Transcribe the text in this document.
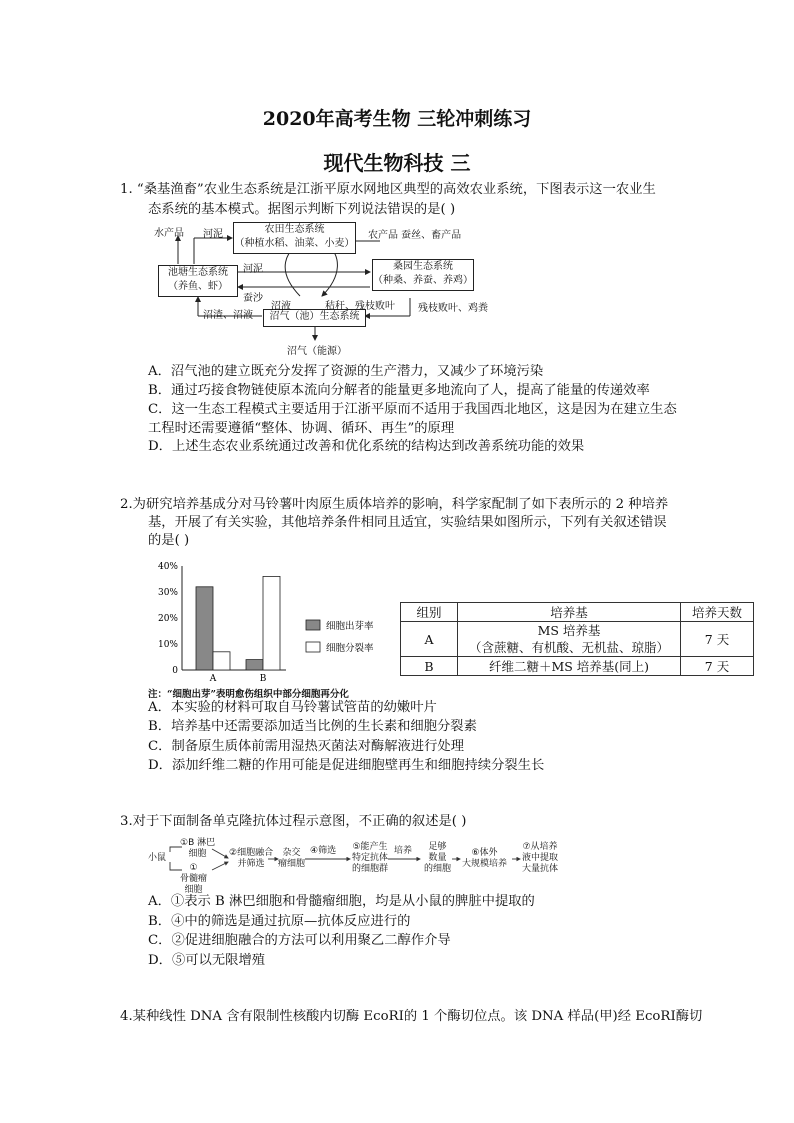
2020年高考生物 三轮冲刺练习
现代生物科技 三
1. “桑基渔畜”农业生态系统是江浙平原水网地区典型的高效农业系统，下图表示这一农业生
态系统的基本模式。据图示判断下列说法错误的是( )
农田生态系统
（种植水稻、油菜、小麦）
池塘生态系统
（养鱼、虾）
桑园生态系统
（种桑、养蚕、养鸡）
沼气（池）生态系统
水产品 河泥	农产品 蚕丝、畜产品
河泥
蚕沙
沼液	秸秆、残枝败叶 残枝败叶、鸡粪
沼渣、沼液
沼气（能源）
A．沼气池的建立既充分发挥了资源的生产潜力，又减少了环境污染
B．通过巧接食物链使原本流向分解者的能量更多地流向了人，提高了能量的传递效率
C．这一生态工程模式主要适用于江浙平原而不适用于我国西北地区，这是因为在建立生态
工程时还需要遵循“整体、协调、循环、再生”的原理
D．上述生态农业系统通过改善和优化系统的结构达到改善系统功能的效果
2.为研究培养基成分对马铃薯叶肉原生质体培养的影响，科学家配制了如下表所示的 2 种培养
基，开展了有关实验，其他培养条件相同且适宜，实验结果如图所示，下列有关叙述错误
的是( )
40%
30%
20%
10%
0
A	B
细胞出芽率
细胞分裂率
注：“细胞出芽”表明愈伤组织中部分细胞再分化
组别	培养基	培养天数
A	MS 培养基
（含蔗糖、有机酸、无机盐、琼脂）	7 天
B	纤维二糖＋MS 培养基(同上)	7 天
A．本实验的材料可取自马铃薯试管苗的幼嫩叶片
B．培养基中还需要添加适当比例的生长素和细胞分裂素
C．制备原生质体前需用湿热灭菌法对酶解液进行处理
D．添加纤维二糖的作用可能是促进细胞壁再生和细胞持续分裂生长
3.对于下面制备单克隆抗体过程示意图，不正确的叙述是( )
小鼠
①B 淋巴
细胞
①
骨髓瘤
细胞
②细胞融合
并筛选
杂交
瘤细胞
④筛选 ⑤能产生
特定抗体
的细胞群
培养	足够
数量
的细胞
⑥体外
大规模培养
⑦从培养
液中提取
大量抗体
A．①表示 B 淋巴细胞和骨髓瘤细胞，均是从小鼠的脾脏中提取的
B．④中的筛选是通过抗原—抗体反应进行的
C．②促进细胞融合的方法可以利用聚乙二醇作介导
D．⑤可以无限增殖
4.某种线性 DNA 含有限制性核酸内切酶 EcoRⅠ的 1 个酶切位点。该 DNA 样品(甲)经 EcoRⅠ酶切
